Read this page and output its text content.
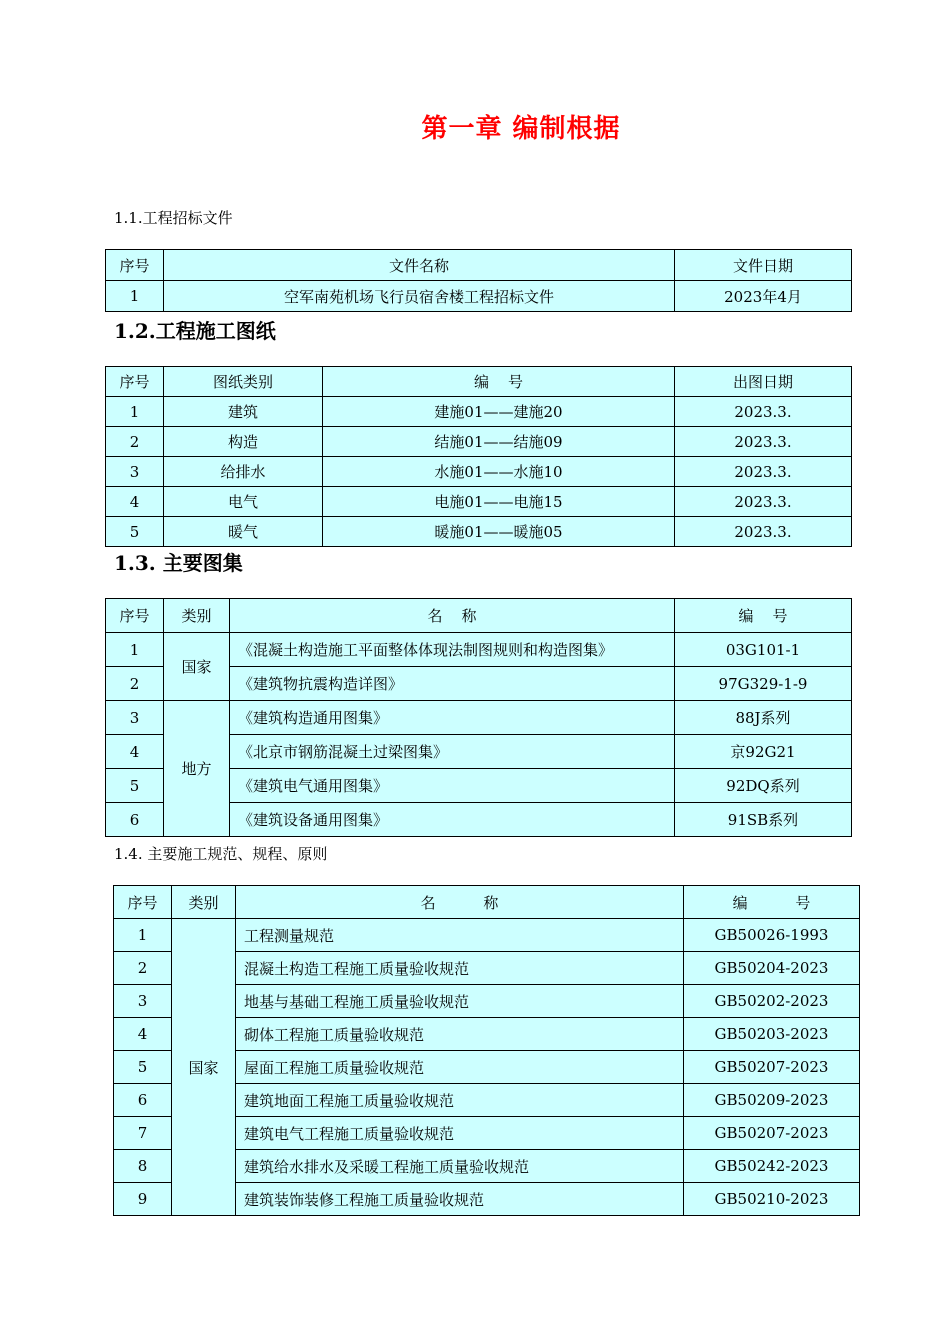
第一章 编制根据
1.1.工程招标文件
序号	文件名称	文件日期
1	空军南苑机场飞行员宿舍楼工程招标文件	2023年4月
1.2.工程施工图纸
序号	图纸类别	编    号	出图日期
1	建筑	建施01——建施20	2023.3.
2	构造	结施01——结施09	2023.3.
3	给排水	水施01——水施10	2023.3.
4	电气	电施01——电施15	2023.3.
5	暖气	暖施01——暖施05	2023.3.
1.3. 主要图集
序号	类别	名    称	编    号
1	国家	《混凝土构造施工平面整体体现法制图规则和构造图集》	03G101-1
2		《建筑物抗震构造详图》	97G329-1-9
3	地方	《建筑构造通用图集》	88J系列
4		《北京市钢筋混凝土过梁图集》	京92G21
5		《建筑电气通用图集》	92DQ系列
6		《建筑设备通用图集》	91SB系列
1.4. 主要施工规范、规程、原则
序号	类别	名          称	编          号
1	国家	工程测量规范	GB50026-1993
2		混凝土构造工程施工质量验收规范	GB50204-2023
3		地基与基础工程施工质量验收规范	GB50202-2023
4		砌体工程施工质量验收规范	GB50203-2023
5		屋面工程施工质量验收规范	GB50207-2023
6		建筑地面工程施工质量验收规范	GB50209-2023
7		建筑电气工程施工质量验收规范	GB50207-2023
8		建筑给水排水及采暖工程施工质量验收规范	GB50242-2023
9		建筑装饰装修工程施工质量验收规范	GB50210-2023
